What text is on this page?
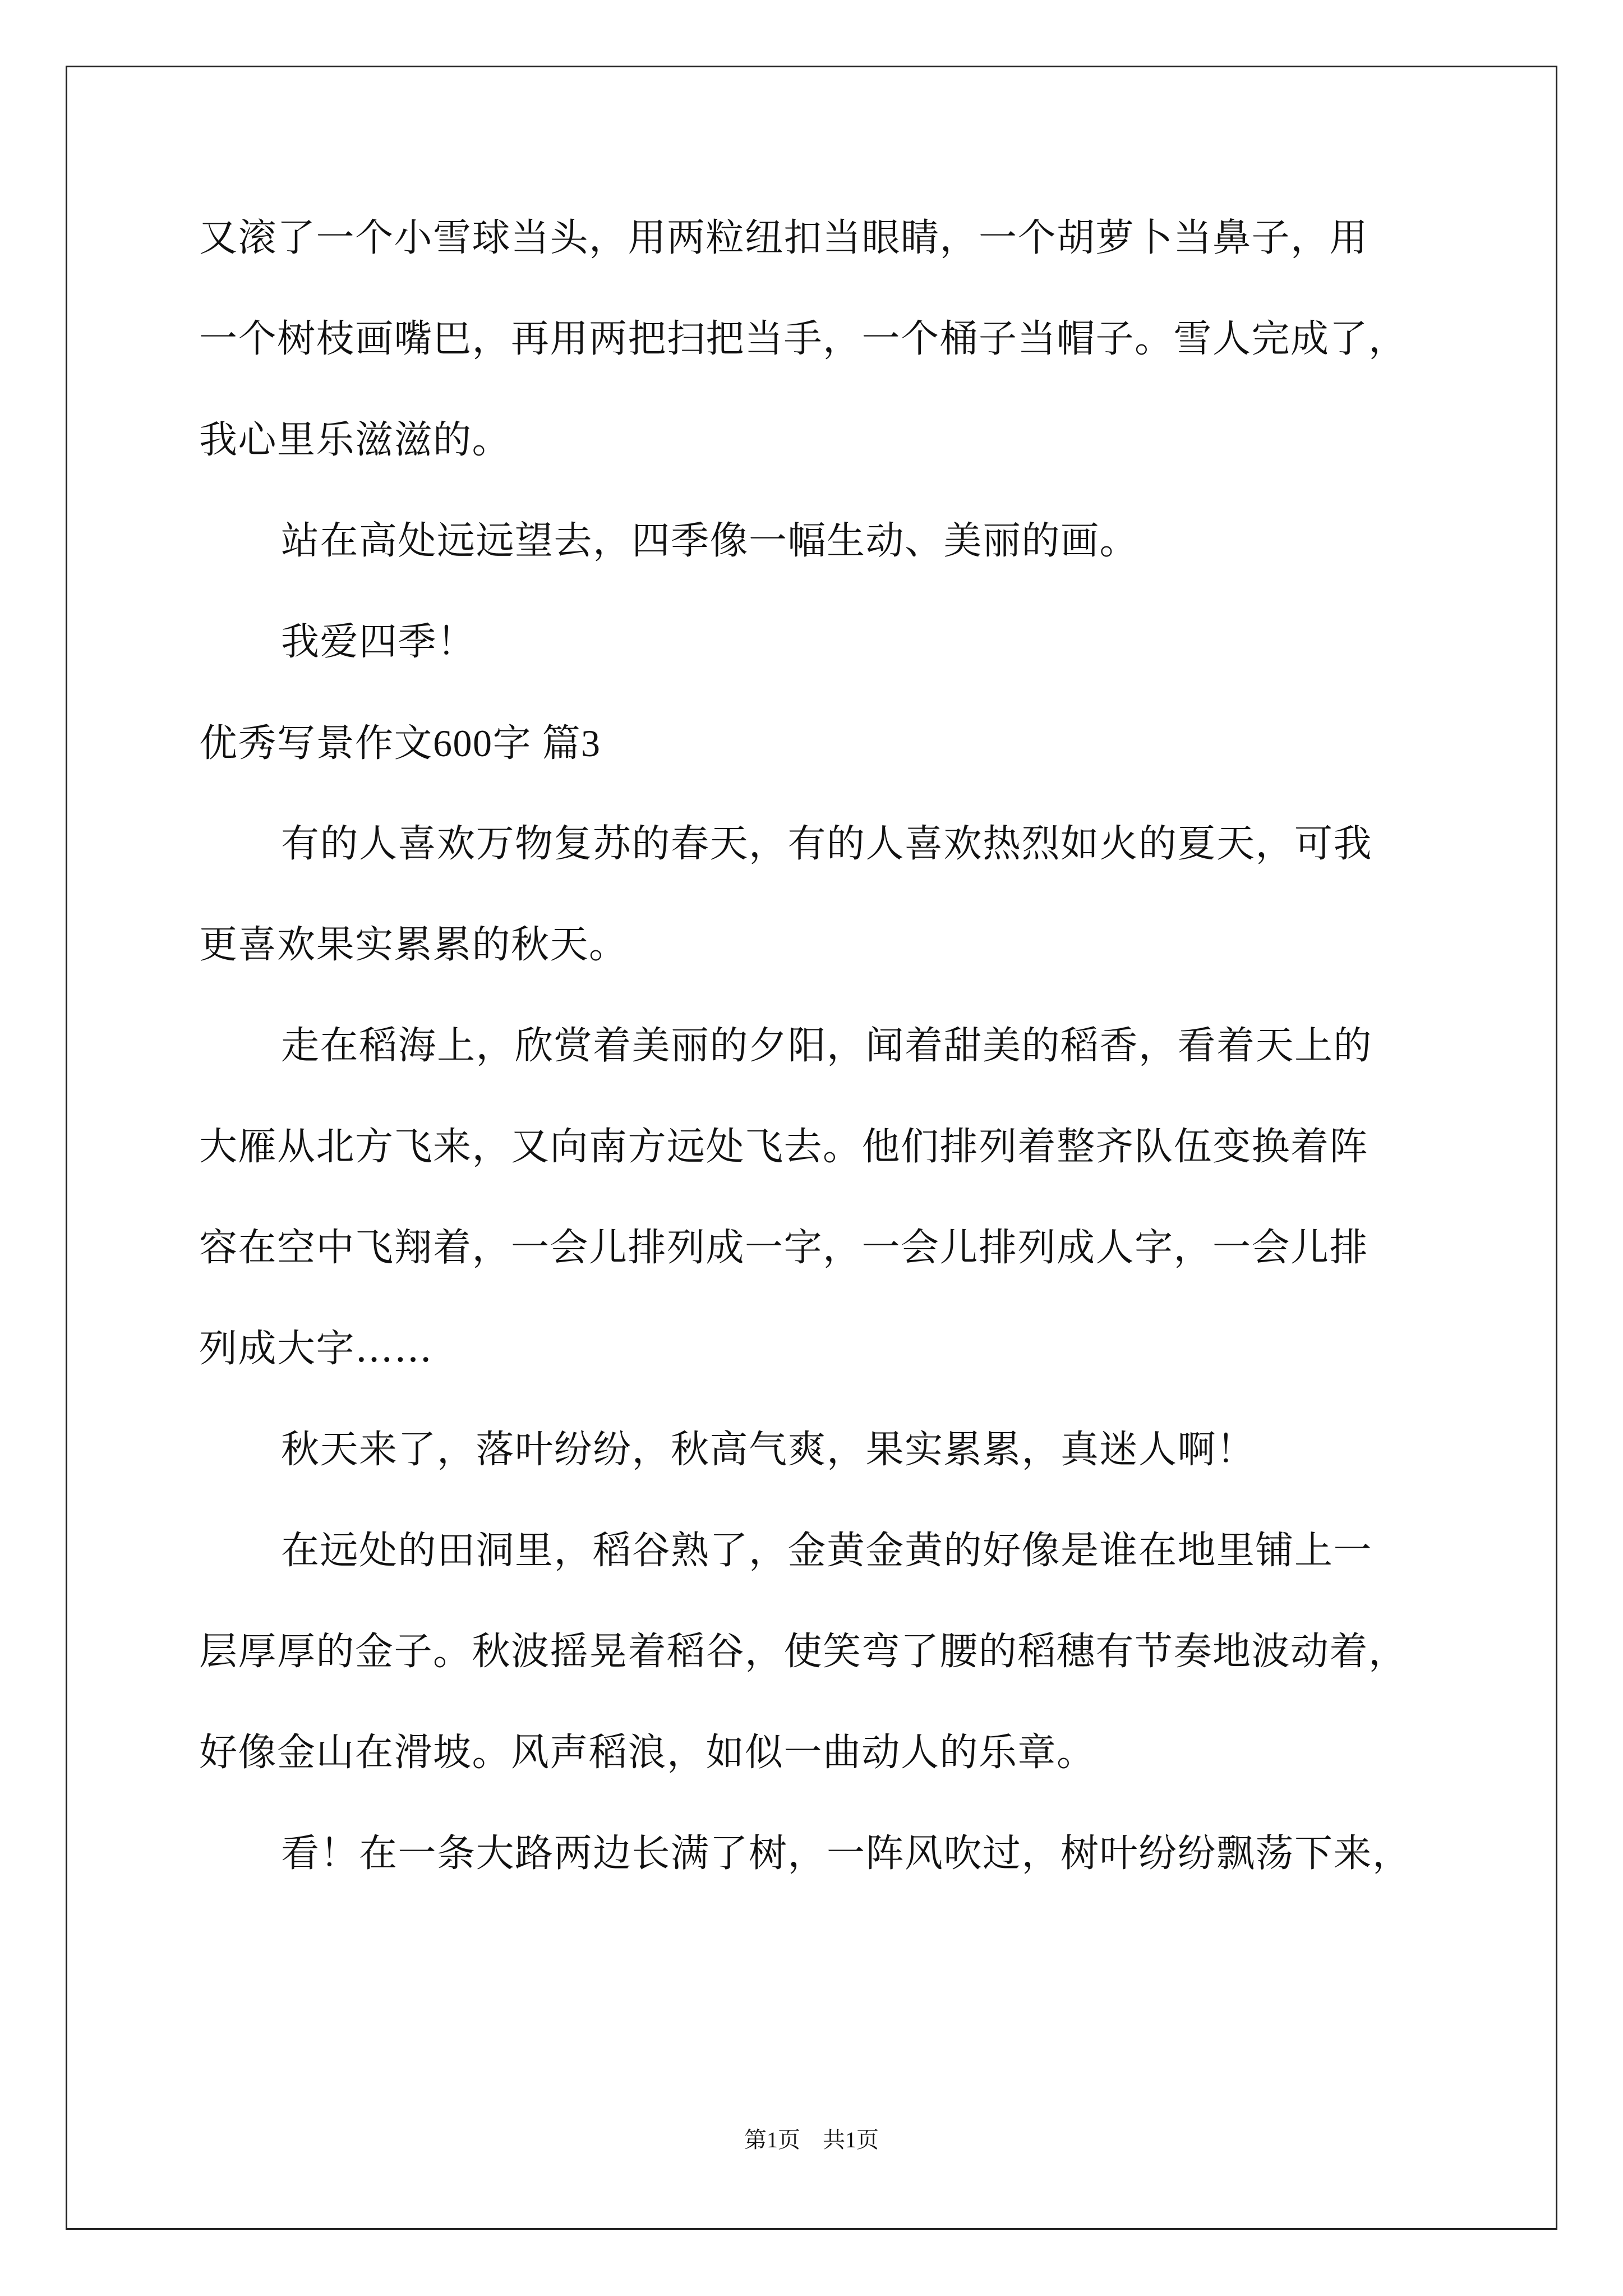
又滚了一个小雪球当头，用两粒纽扣当眼睛，一个胡萝卜当鼻子，用
一个树枝画嘴巴，再用两把扫把当手，一个桶子当帽子。雪人完成了，
我心里乐滋滋的。
站在高处远远望去，四季像一幅生动、美丽的画。
我爱四季！
优秀写景作文600字 篇3
有的人喜欢万物复苏的春天，有的人喜欢热烈如火的夏天，可我
更喜欢果实累累的秋天。
走在稻海上，欣赏着美丽的夕阳，闻着甜美的稻香，看着天上的
大雁从北方飞来，又向南方远处飞去。他们排列着整齐队伍变换着阵
容在空中飞翔着，一会儿排列成一字，一会儿排列成人字，一会儿排
列成大字……
秋天来了，落叶纷纷，秋高气爽，果实累累，真迷人啊！
在远处的田洞里，稻谷熟了，金黄金黄的好像是谁在地里铺上一
层厚厚的金子。秋波摇晃着稻谷，使笑弯了腰的稻穗有节奏地波动着，
好像金山在滑坡。风声稻浪，如似一曲动人的乐章。
看！在一条大路两边长满了树，一阵风吹过，树叶纷纷飘荡下来，
第1页 共1页
